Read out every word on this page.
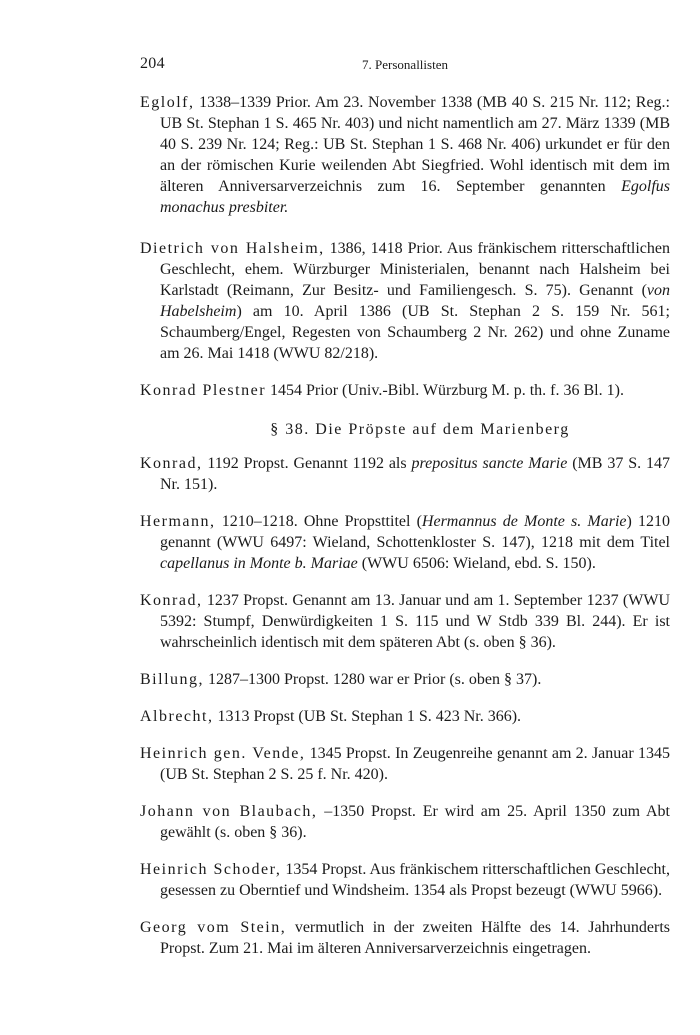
204	7. Personallisten

Eglolf, 1338–1339 Prior. Am 23. November 1338 (MB 40 S. 215 Nr. 112; Reg.: UB St. Stephan 1 S. 465 Nr. 403) und nicht namentlich am 27. März 1339 (MB 40 S. 239 Nr. 124; Reg.: UB St. Stephan 1 S. 468 Nr. 406) urkundet er für den an der römischen Kurie weilenden Abt Siegfried. Wohl identisch mit dem im älteren Anniversarverzeichnis zum 16. September genannten Egolfus monachus presbiter.

Dietrich von Halsheim, 1386, 1418 Prior. Aus fränkischem ritterschaftlichen Geschlecht, ehem. Würzburger Ministerialen, benannt nach Halsheim bei Karlstadt (Reimann, Zur Besitz- und Familiengesch. S. 75). Genannt (von Habelsheim) am 10. April 1386 (UB St. Stephan 2 S. 159 Nr. 561; Schaumberg/Engel, Regesten von Schaumberg 2 Nr. 262) und ohne Zuname am 26. Mai 1418 (WWU 82/218).

Konrad Plestner 1454 Prior (Univ.-Bibl. Würzburg M. p. th. f. 36 Bl. 1).

§ 38. Die Pröpste auf dem Marienberg

Konrad, 1192 Propst. Genannt 1192 als prepositus sancte Marie (MB 37 S. 147 Nr. 151).

Hermann, 1210–1218. Ohne Propsttitel (Hermannus de Monte s. Marie) 1210 genannt (WWU 6497: Wieland, Schottenkloster S. 147), 1218 mit dem Titel capellanus in Monte b. Mariae (WWU 6506: Wieland, ebd. S. 150).

Konrad, 1237 Propst. Genannt am 13. Januar und am 1. September 1237 (WWU 5392: Stumpf, Denwürdigkeiten 1 S. 115 und W Stdb 339 Bl. 244). Er ist wahrscheinlich identisch mit dem späteren Abt (s. oben § 36).

Billung, 1287–1300 Propst. 1280 war er Prior (s. oben § 37).

Albrecht, 1313 Propst (UB St. Stephan 1 S. 423 Nr. 366).

Heinrich gen. Vende, 1345 Propst. In Zeugenreihe genannt am 2. Januar 1345 (UB St. Stephan 2 S. 25 f. Nr. 420).

Johann von Blaubach, –1350 Propst. Er wird am 25. April 1350 zum Abt gewählt (s. oben § 36).

Heinrich Schoder, 1354 Propst. Aus fränkischem ritterschaftlichen Geschlecht, gesessen zu Oberntief und Windsheim. 1354 als Propst bezeugt (WWU 5966).

Georg vom Stein, vermutlich in der zweiten Hälfte des 14. Jahrhunderts Propst. Zum 21. Mai im älteren Anniversarverzeichnis eingetragen.
